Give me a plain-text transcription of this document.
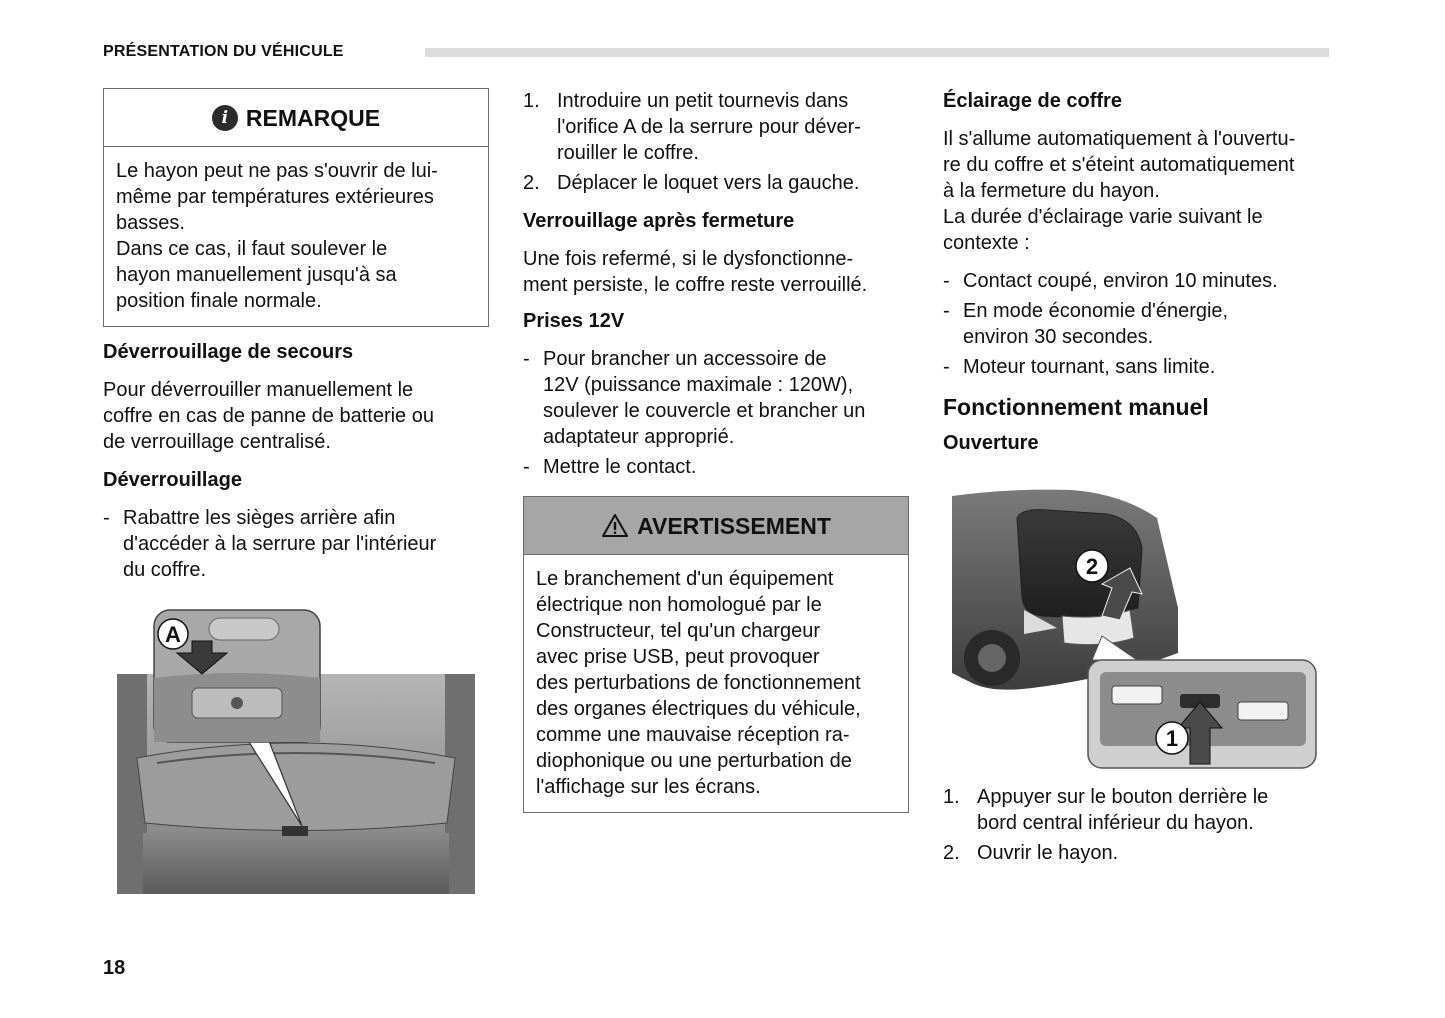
PRÉSENTATION DU VÉHICULE
i REMARQUE
Le hayon peut ne pas s'ouvrir de lui-
même par températures extérieures
basses.
Dans ce cas, il faut soulever le
hayon manuellement jusqu'à sa
position finale normale.
Déverrouillage de secours

Pour déverrouiller manuellement le
coffre en cas de panne de batterie ou
de verrouillage centralisé.

Déverrouillage
- Rabattre les sièges arrière afin
d'accéder à la serrure par l'intérieur
du coffre.
A
1. Introduire un petit tournevis dans
l'orifice A de la serrure pour déver-
rouiller le coffre.
2. Déplacer le loquet vers la gauche.
Verrouillage après fermeture

Une fois refermé, si le dysfonctionne-
ment persiste, le coffre reste verrouillé.

Prises 12V
- Pour brancher un accessoire de
12V (puissance maximale : 120W),
soulever le couvercle et brancher un
adaptateur approprié.
- Mettre le contact.
AVERTISSEMENT
Le branchement d'un équipement
électrique non homologué par le
Constructeur, tel qu'un chargeur
avec prise USB, peut provoquer
des perturbations de fonctionnement
des organes électriques du véhicule,
comme une mauvaise réception ra-
diophonique ou une perturbation de
l'affichage sur les écrans.
Éclairage de coffre

Il s'allume automatiquement à l'ouvertu-
re du coffre et s'éteint automatiquement
à la fermeture du hayon.
La durée d'éclairage varie suivant le
contexte :

- Contact coupé, environ 10 minutes.
- En mode économie d'énergie,
environ 30 secondes.
- Moteur tournant, sans limite.
Fonctionnement manuel
Ouverture
1
2
1. Appuyer sur le bouton derrière le
bord central inférieur du hayon.
2. Ouvrir le hayon.
18
